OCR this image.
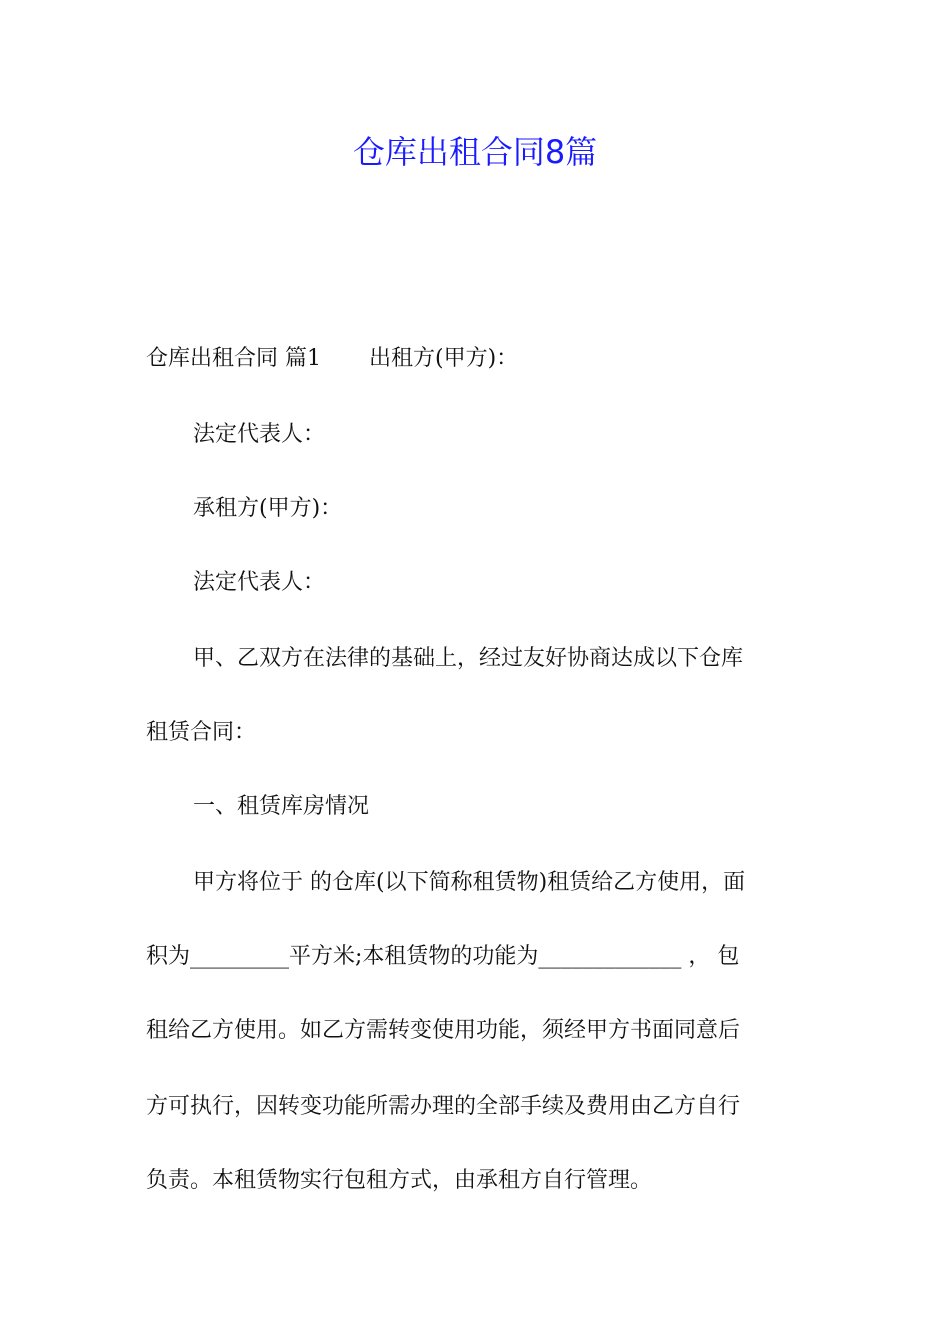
仓库出租合同8篇

仓库出租合同 篇1 出租方(甲方)：

法定代表人：

承租方(甲方)：

法定代表人：

甲、乙双方在法律的基础上，经过友好协商达成以下仓库

租赁合同：

一、租赁库房情况

甲方将位于 的仓库(以下简称租赁物)租赁给乙方使用，面

积为_________平方米;本租赁物的功能为_____________ ， 包

租给乙方使用。如乙方需转变使用功能，须经甲方书面同意后

方可执行，因转变功能所需办理的全部手续及费用由乙方自行

负责。本租赁物实行包租方式，由承租方自行管理。
